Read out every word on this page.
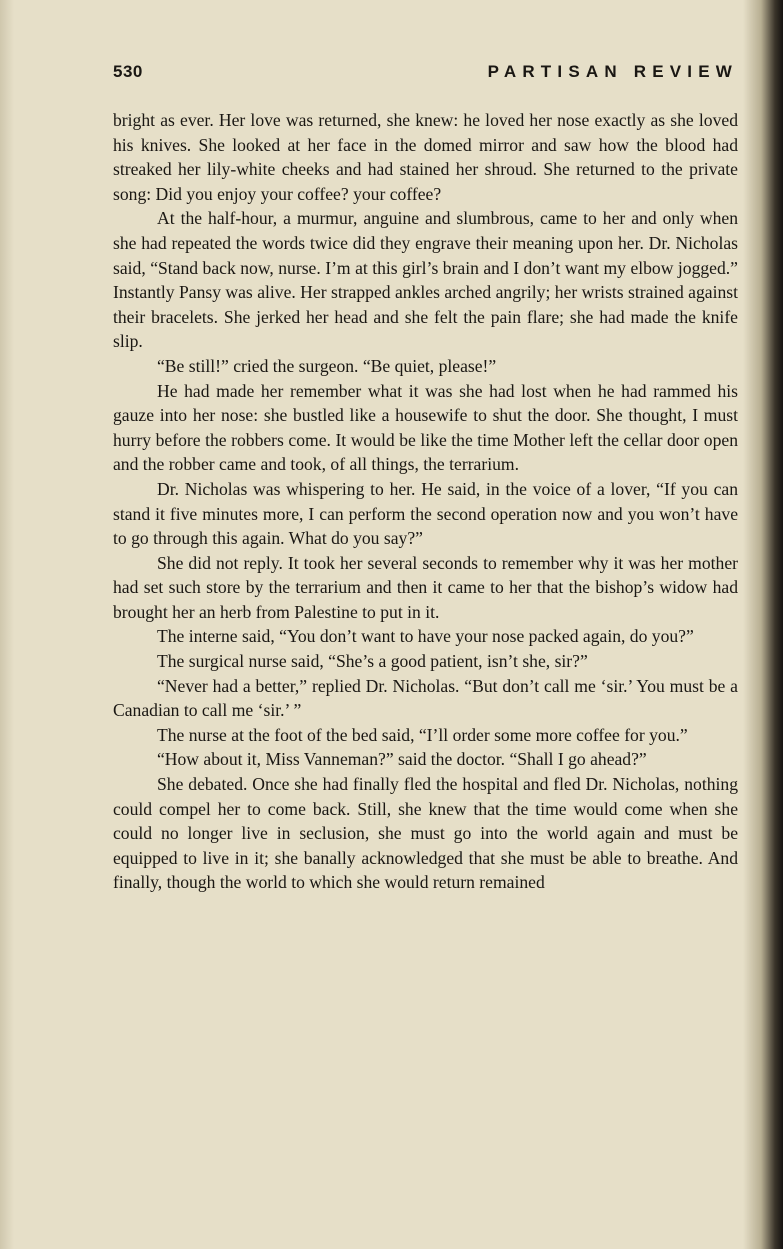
530	PARTISAN REVIEW

bright as ever. Her love was returned, she knew: he loved her nose exactly as she loved his knives. She looked at her face in the domed mirror and saw how the blood had streaked her lily-white cheeks and had stained her shroud. She returned to the private song: Did you enjoy your coffee? your coffee?

At the half-hour, a murmur, anguine and slumbrous, came to her and only when she had repeated the words twice did they engrave their meaning upon her. Dr. Nicholas said, “Stand back now, nurse. I’m at this girl’s brain and I don’t want my elbow jogged.” Instantly Pansy was alive. Her strapped ankles arched angrily; her wrists strained against their bracelets. She jerked her head and she felt the pain flare; she had made the knife slip.

“Be still!” cried the surgeon. “Be quiet, please!”

He had made her remember what it was she had lost when he had rammed his gauze into her nose: she bustled like a housewife to shut the door. She thought, I must hurry before the robbers come. It would be like the time Mother left the cellar door open and the robber came and took, of all things, the terrarium.

Dr. Nicholas was whispering to her. He said, in the voice of a lover, “If you can stand it five minutes more, I can perform the second operation now and you won’t have to go through this again. What do you say?”

She did not reply. It took her several seconds to remember why it was her mother had set such store by the terrarium and then it came to her that the bishop’s widow had brought her an herb from Palestine to put in it.

The interne said, “You don’t want to have your nose packed again, do you?”

The surgical nurse said, “She’s a good patient, isn’t she, sir?”

“Never had a better,” replied Dr. Nicholas. “But don’t call me ‘sir.’ You must be a Canadian to call me ‘sir.’ ”

The nurse at the foot of the bed said, “I’ll order some more coffee for you.”

“How about it, Miss Vanneman?” said the doctor. “Shall I go ahead?”

She debated. Once she had finally fled the hospital and fled Dr. Nicholas, nothing could compel her to come back. Still, she knew that the time would come when she could no longer live in seclusion, she must go into the world again and must be equipped to live in it; she banally acknowledged that she must be able to breathe. And finally, though the world to which she would return remained
